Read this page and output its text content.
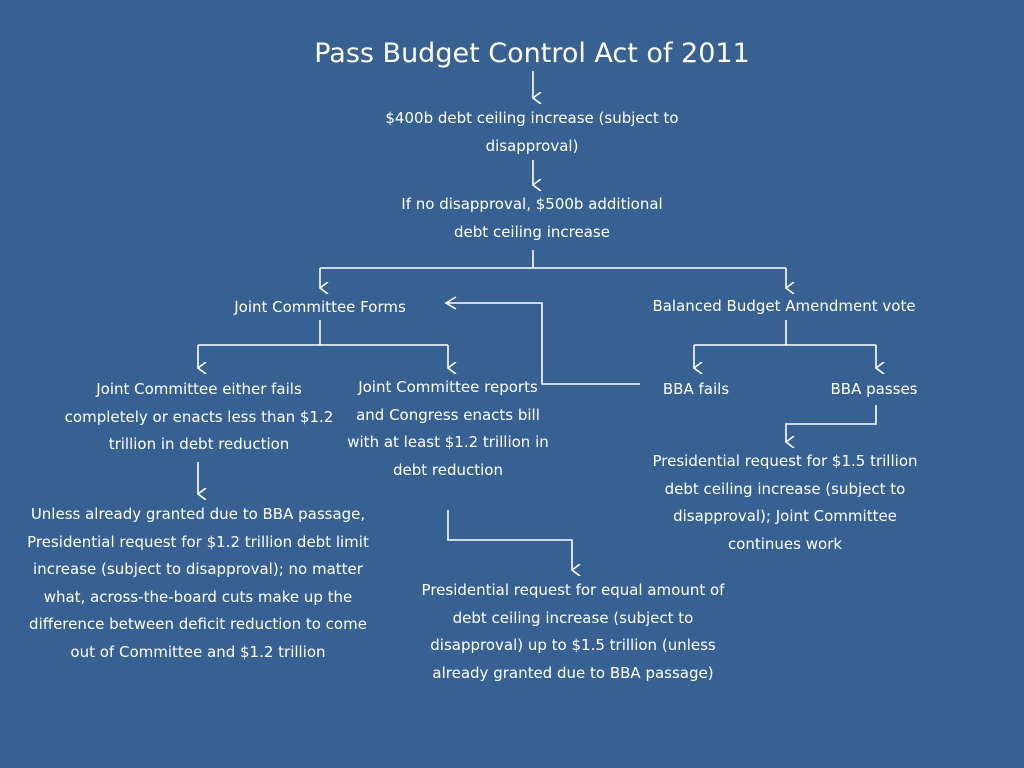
Pass Budget Control Act of 2011

$400b debt ceiling increase (subject to disapproval)

If no disapproval, $500b additional debt ceiling increase

Joint Committee Forms	Balanced Budget Amendment vote

Joint Committee either fails completely or enacts less than $1.2 trillion in debt reduction

Joint Committee reports and Congress enacts bill with at least $1.2 trillion in debt reduction

BBA fails	BBA passes

Presidential request for $1.5 trillion debt ceiling increase (subject to disapproval); Joint Committee continues work

Unless already granted due to BBA passage, Presidential request for $1.2 trillion debt limit increase (subject to disapproval); no matter what, across-the-board cuts make up the difference between deficit reduction to come out of Committee and $1.2 trillion

Presidential request for equal amount of debt ceiling increase (subject to disapproval) up to $1.5 trillion (unless already granted due to BBA passage)
